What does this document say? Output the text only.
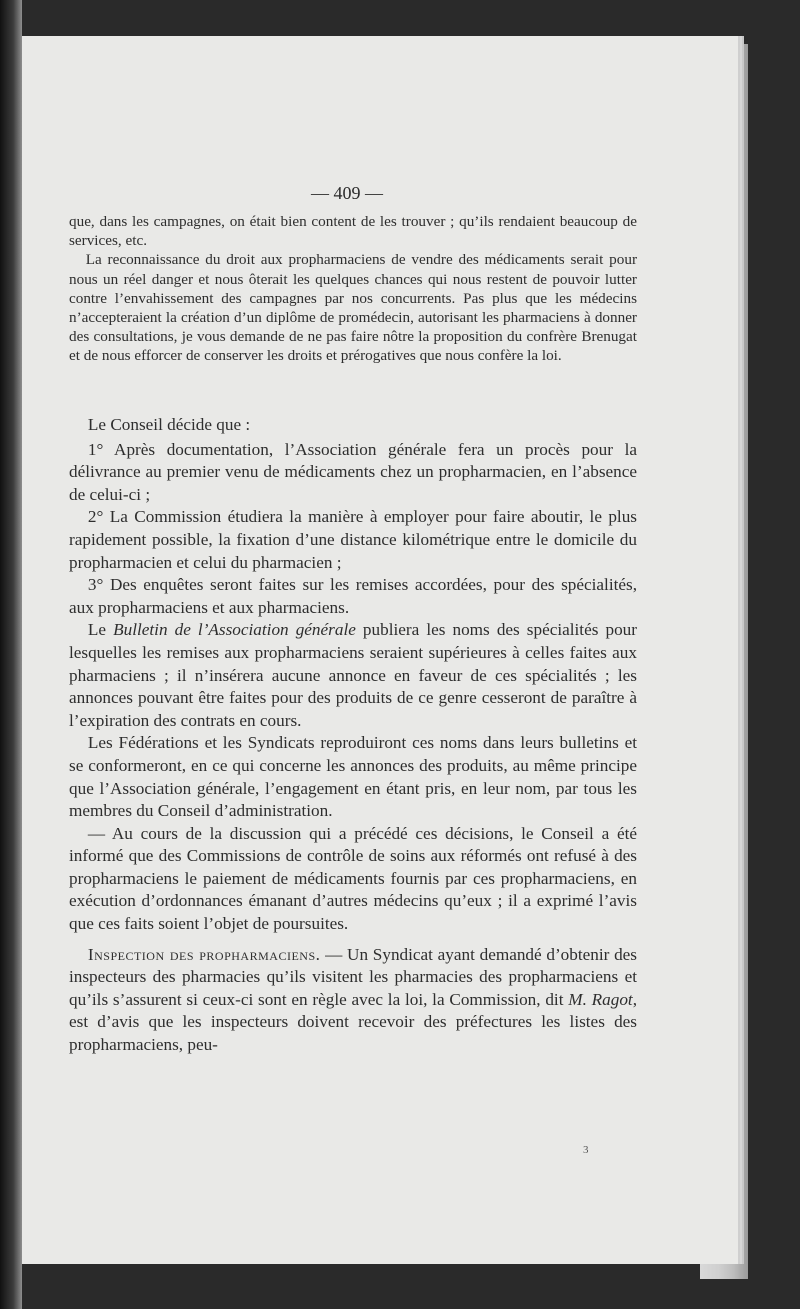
— 409 —

que, dans les campagnes, on était bien content de les trouver ; qu’ils rendaient beaucoup de services, etc.

La reconnaissance du droit aux propharmaciens de vendre des médicaments serait pour nous un réel danger et nous ôterait les quelques chances qui nous restent de pouvoir lutter contre l’envahissement des campagnes par nos concurrents. Pas plus que les médecins n’accepteraient la création d’un diplôme de promédecin, autorisant les pharmaciens à donner des consultations, je vous demande de ne pas faire nôtre la proposition du confrère Brenugat et de nous efforcer de conserver les droits et prérogatives que nous confère la loi.

Le Conseil décide que :

1° Après documentation, l’Association générale fera un procès pour la délivrance au premier venu de médicaments chez un propharmacien, en l’absence de celui-ci ;

2° La Commission étudiera la manière à employer pour faire aboutir, le plus rapidement possible, la fixation d’une distance kilométrique entre le domicile du propharmacien et celui du pharmacien ;

3° Des enquêtes seront faites sur les remises accordées, pour des spécialités, aux propharmaciens et aux pharmaciens.

Le Bulletin de l’Association générale publiera les noms des spécialités pour lesquelles les remises aux propharmaciens seraient supérieures à celles faites aux pharmaciens ; il n’insérera aucune annonce en faveur de ces spécialités ; les annonces pouvant être faites pour des produits de ce genre cesseront de paraître à l’expiration des contrats en cours.

Les Fédérations et les Syndicats reproduiront ces noms dans leurs bulletins et se conformeront, en ce qui concerne les annonces des produits, au même principe que l’Association générale, l’engagement en étant pris, en leur nom, par tous les membres du Conseil d’administration.

— Au cours de la discussion qui a précédé ces décisions, le Conseil a été informé que des Commissions de contrôle de soins aux réformés ont refusé à des propharmaciens le paiement de médicaments fournis par ces propharmaciens, en exécution d’ordonnances émanant d’autres médecins qu’eux ; il a exprimé l’avis que ces faits soient l’objet de poursuites.

Inspection des propharmaciens. — Un Syndicat ayant demandé d’obtenir des inspecteurs des pharmacies qu’ils visitent les pharmacies des propharmaciens et qu’ils s’assurent si ceux-ci sont en règle avec la loi, la Commission, dit M. Ragot, est d’avis que les inspecteurs doivent recevoir des préfectures les listes des propharmaciens, peu-

3
